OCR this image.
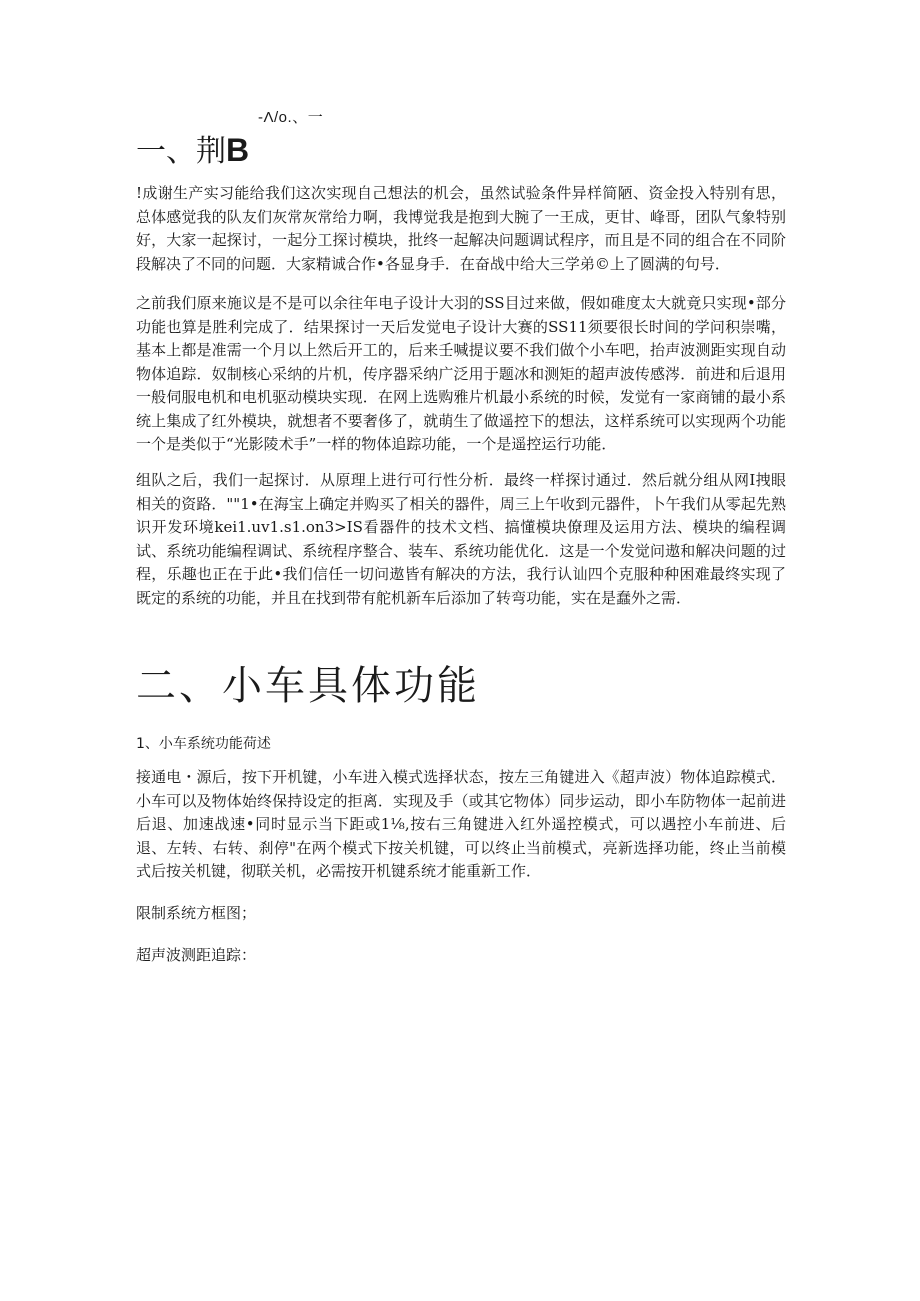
-Λ/o.、一
一、荆B
!成谢生产实习能给我们这次实现自己想法的机会，虽然试验条件异样简陋、资金投入特别有思，总体感觉我的队友们灰常灰常给力啊，我博觉我是抱到大腕了一王成，更甘、峰哥，团队气象特别好，大家一起探讨，一起分工探讨模块，批终一起解决问题调试程序，而且是不同的组合在不同阶段解决了不同的问题．大家精诚合作•各显身手．在奋战中给大三学弟©上了圆满的句号．
之前我们原来施议是不是可以余往年电子设计大羽的SS目过来做，假如碓度太大就竟只实现•部分功能也算是胜利完成了．结果探讨一天后发觉电子设计大赛的SS11须要很长时间的学问积崇嘴，基本上都是准需一个月以上然后开工的，后来壬喊提议要不我们做个小车吧，抬声波测距实现自动物体追踪．奴制核心采纳的片机，传序器采纳广泛用于题冰和测矩的超声波传感涔．前进和后退用一般伺服电机和电机驱动模块实现．在网上选购雅片机最小系统的时候，发觉有一家商铺的最小系统上集成了红外模块，就想者不要奢侈了，就萌生了做遥控下的想法，这样系统可以实现两个功能一个是类似于“光影陵术手”一样的物体追踪功能，一个是遥控运行功能．
组队之后，我们一起探讨．从原理上进行可行性分析．最终一样探讨通过．然后就分组从网I拽眼相关的资路．""1•在海宝上确定并购买了相关的器件，周三上午收到元器件，卜午我们从零起先熟识开发环境kei1.uv1.s1.on3>IS看器件的技术文档、搞懂模块僚理及运用方法、模块的编程调试、系统功能编程调试、系统程序整合、装车、系统功能优化．这是一个发觉问遨和解决问题的过程，乐趣也正在于此•我们信任一切问遨皆有解决的方法，我行认讪四个克服种种困难最终实现了既定的系统的功能，并且在找到带有舵机新车后添加了转弯功能，实在是蠢外之需．
二、小车具体功能
1、小车系统功能荷述
接通电・源后，按下开机键，小车进入模式选择状态，按左三角键进入《超声波）物体追踪模式．小车可以及物体始终保持设定的拒离．实现及手（或其它物体）同步运动，即小车防物体一起前进后退、加速战速•同时显示当下距或1⅛,按右三角键进入红外遥控模式，可以遇控小车前进、后退、左转、右转、刹停"在两个模式下按关机键，可以终止当前模式，亮新选择功能，终止当前模式后按关机键，彻联关机，必需按开机键系统才能重新工作．
限制系统方框图；
超声波测距追踪：
